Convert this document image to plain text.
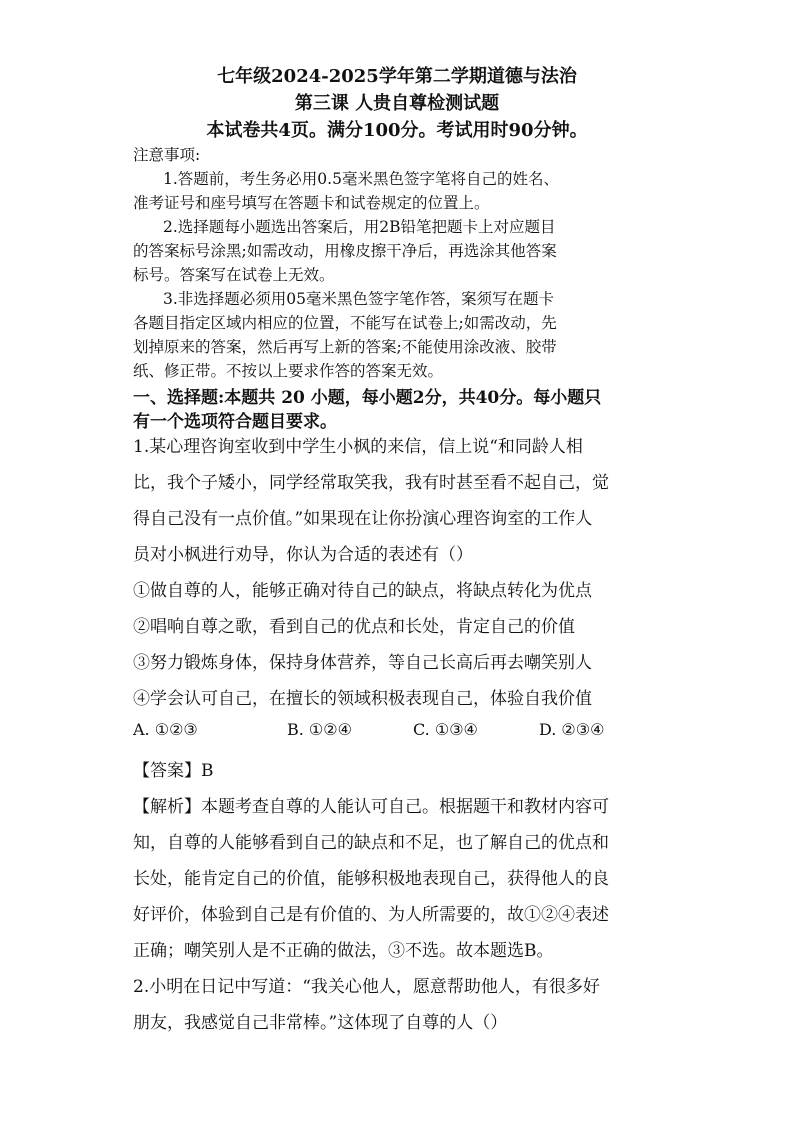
七年级2024-2025学年第二学期道德与法治
第三课 人贵自尊检测试题
本试卷共4页。满分100分。考试用时90分钟。
注意事项:
1.答题前，考生务必用0.5毫米黑色签字笔将自己的姓名、
准考证号和座号填写在答题卡和试卷规定的位置上。
2.选择题每小题选出答案后，用2B铅笔把题卡上对应题目
的答案标号涂黑;如需改动，用橡皮擦干净后，再选涂其他答案
标号。答案写在试卷上无效。
3.非选择题必须用05毫米黑色签字笔作答，案须写在题卡
各题目指定区域内相应的位置，不能写在试卷上;如需改动，先
划掉原来的答案，然后再写上新的答案;不能使用涂改液、胶带
纸、修正带。不按以上要求作答的答案无效。
一、选择题:本题共 20 小题，每小题2分，共40分。每小题只
有一个选项符合题目要求。
1.某心理咨询室收到中学生小枫的来信，信上说“和同龄人相
比，我个子矮小，同学经常取笑我，我有时甚至看不起自己，觉
得自己没有一点价值。”如果现在让你扮演心理咨询室的工作人
员对小枫进行劝导，你认为合适的表述有（）
①做自尊的人，能够正确对待自己的缺点，将缺点转化为优点
②唱响自尊之歌，看到自己的优点和长处，肯定自己的价值
③努力锻炼身体，保持身体营养，等自己长高后再去嘲笑别人
④学会认可自己，在擅长的领域积极表现自己，体验自我价值
A. ①②③	B. ①②④	C. ①③④	D. ②③④
【答案】B
【解析】本题考查自尊的人能认可自己。根据题干和教材内容可
知，自尊的人能够看到自己的缺点和不足，也了解自己的优点和
长处，能肯定自己的价值，能够积极地表现自己，获得他人的良
好评价，体验到自己是有价值的、为人所需要的，故①②④表述
正确；嘲笑别人是不正确的做法，③不选。故本题选B。
2.小明在日记中写道：“我关心他人，愿意帮助他人，有很多好
朋友，我感觉自己非常棒。”这体现了自尊的人（）
